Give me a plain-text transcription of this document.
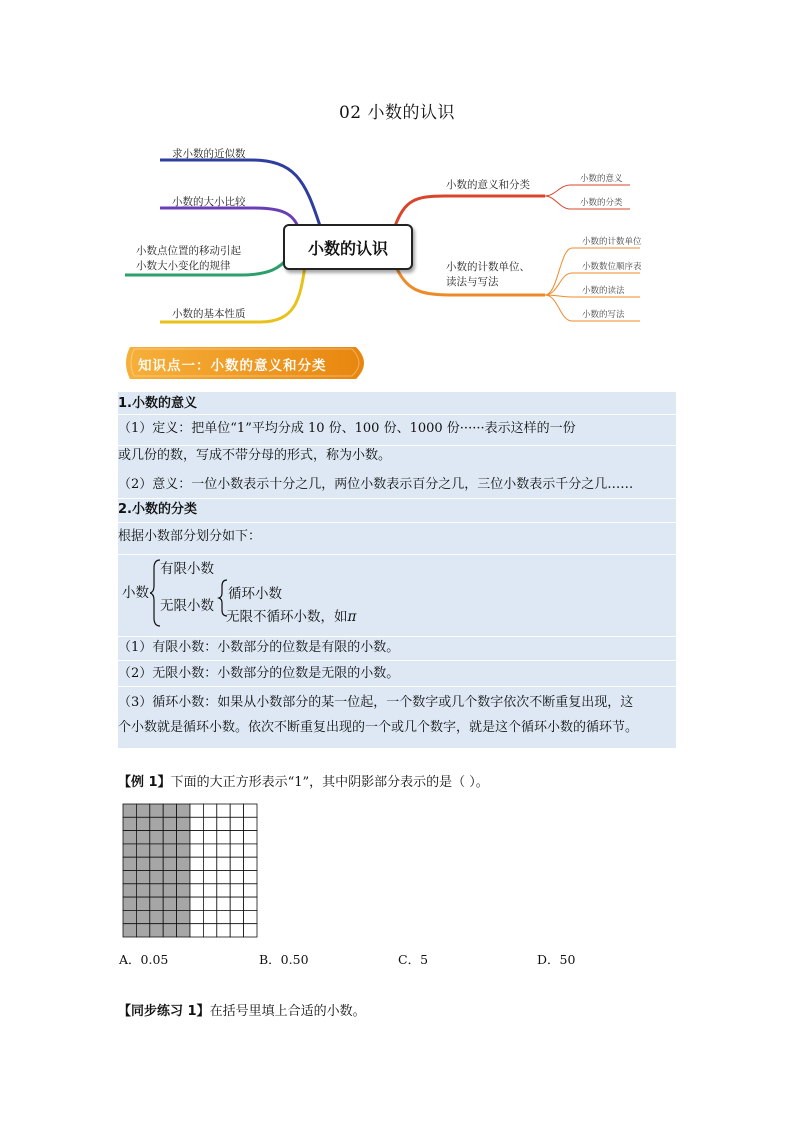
02 小数的认识
求小数的近似数
小数的大小比较
小数点位置的移动引起
小数大小变化的规律
小数的基本性质
小数的认识
小数的意义和分类	小数的意义
小数的分类
小数的计数单位、
读法与写法
小数的计数单位
小数数位顺序表
小数的读法
小数的写法
知识点一：小数的意义和分类
1.小数的意义
（1）定义：把单位“1”平均分成 10 份、100 份、1000 份······表示这样的一份
或几份的数，写成不带分母的形式，称为小数。
（2）意义：一位小数表示十分之几，两位小数表示百分之几，三位小数表示千分之几……
2.小数的分类
根据小数部分划分如下：
小数
有限小数
无限小数
循环小数
无限不循环小数，如π
（1）有限小数：小数部分的位数是有限的小数。
（2）无限小数：小数部分的位数是无限的小数。
（3）循环小数：如果从小数部分的某一位起，一个数字或几个数字依次不断重复出现，这
个小数就是循环小数。依次不断重复出现的一个或几个数字，就是这个循环小数的循环节。
【例 1】下面的大正方形表示“1”，其中阴影部分表示的是（ ）。
A．0.05	B．0.50	C．5	D．50
【同步练习 1】在括号里填上合适的小数。
